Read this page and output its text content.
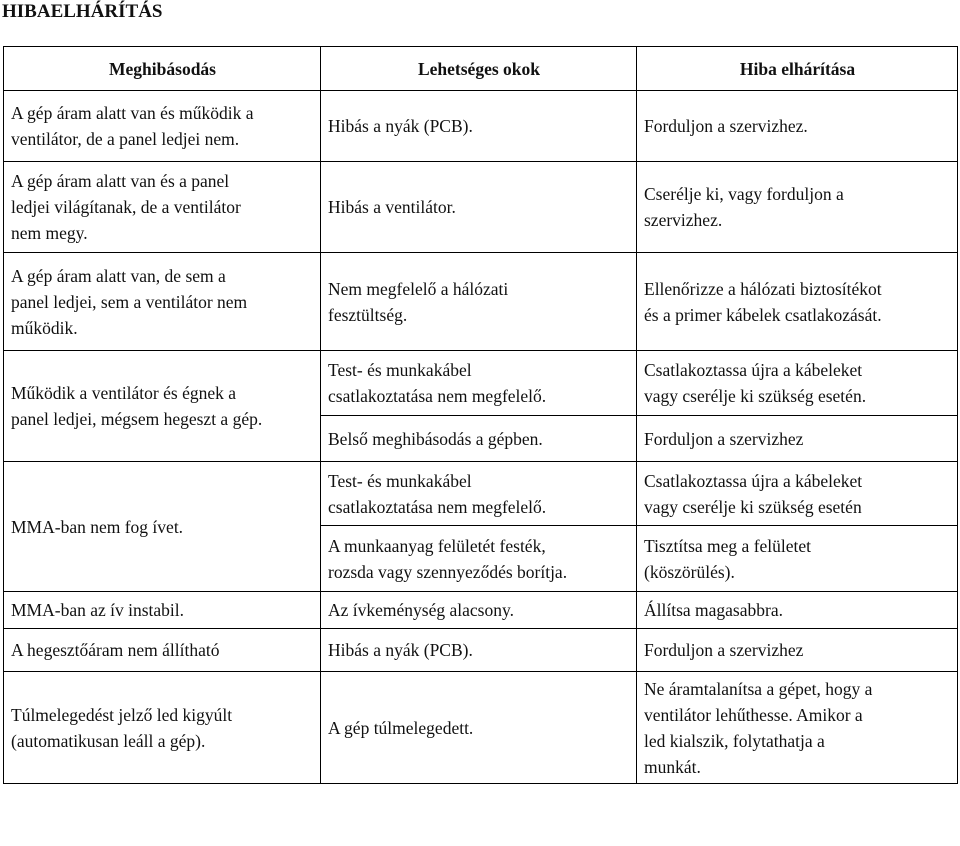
HIBAELHÁRÍTÁS
Meghibásodás	Lehetséges okok	Hiba elhárítása

A gép áram alatt van és működik a
ventilátor, de a panel ledjei nem.	Hibás a nyák (PCB).	Forduljon a szervizhez.

A gép áram alatt van és a panel
ledjei világítanak, de a ventilátor
nem megy.	Hibás a ventilátor.	Cserélje ki, vagy forduljon a
szervizhez.

A gép áram alatt van, de sem a
panel ledjei, sem a ventilátor nem
működik.	Nem megfelelő a hálózati
fesztültség.	Ellenőrizze a hálózati biztosítékot
és a primer kábelek csatlakozását.

Működik a ventilátor és égnek a
panel ledjei, mégsem hegeszt a gép.	Test- és munkakábel
csatlakoztatása nem megfelelő.	Csatlakoztassa újra a kábeleket
vagy cserélje ki szükség esetén.

	Belső meghibásodás a gépben.	Forduljon a szervizhez

MMA-ban nem fog ívet.	Test- és munkakábel
csatlakoztatása nem megfelelő.	Csatlakoztassa újra a kábeleket
vagy cserélje ki szükség esetén

	A munkaanyag felületét festék,
rozsda vagy szennyeződés borítja.	Tisztítsa meg a felületet
(köszörülés).

MMA-ban az ív instabil.	Az ívkeménység alacsony.	Állítsa magasabbra.

A hegesztőáram nem állítható	Hibás a nyák (PCB).	Forduljon a szervizhez

Túlmelegedést jelző led kigyúlt
(automatikusan leáll a gép).	A gép túlmelegedett.	Ne áramtalanítsa a gépet, hogy a
ventilátor lehűthesse. Amikor a
led kialszik, folytathatja a
munkát.
